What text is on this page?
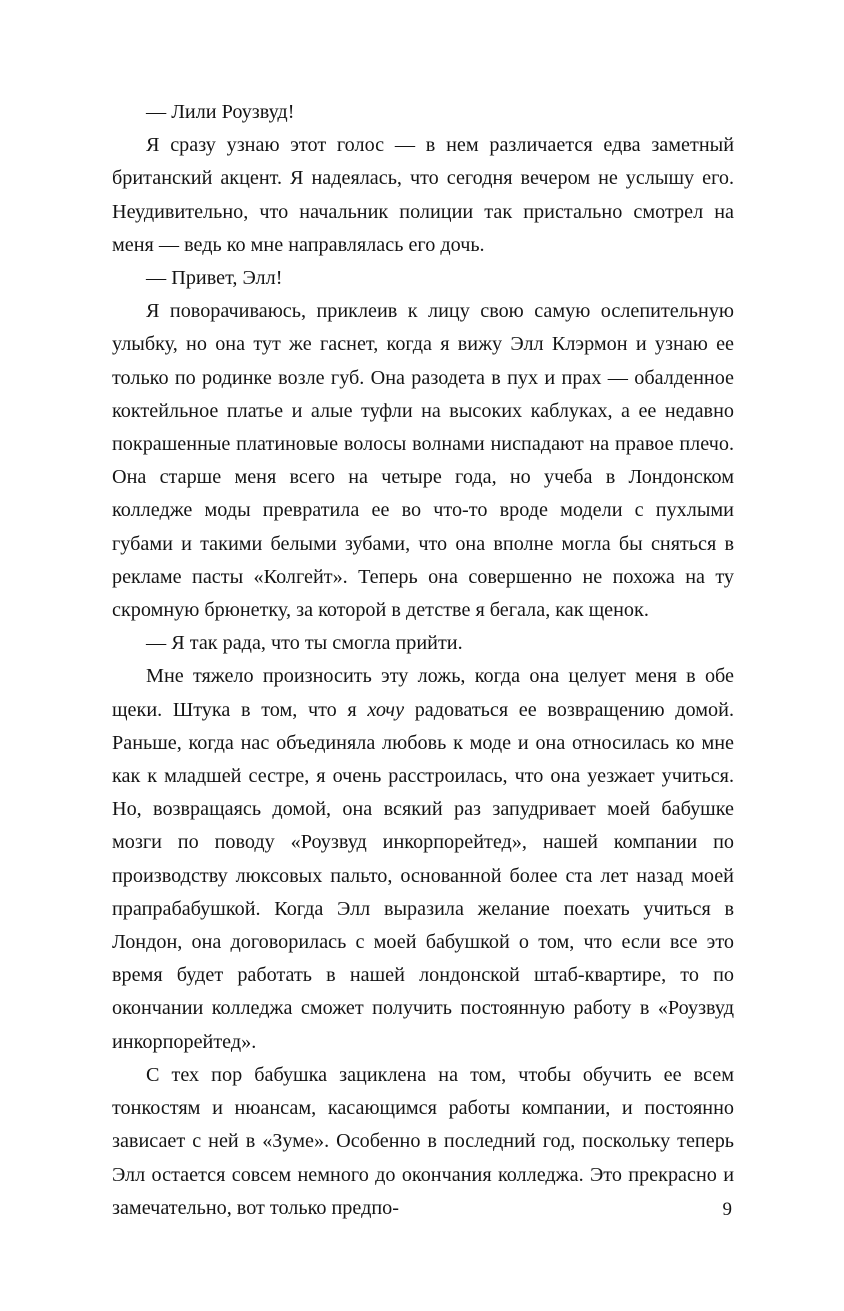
— Лили Роузвуд!

Я сразу узнаю этот голос — в нем различается едва заметный британский акцент. Я надеялась, что сегодня вечером не услышу его. Неудивительно, что начальник полиции так пристально смотрел на меня — ведь ко мне направлялась его дочь.

— Привет, Элл!

Я поворачиваюсь, приклеив к лицу свою самую ослепительную улыбку, но она тут же гаснет, когда я вижу Элл Клэрмон и узнаю ее только по родинке возле губ. Она разодета в пух и прах — обалденное коктейльное платье и алые туфли на высоких каблуках, а ее недавно покрашенные платиновые волосы волнами ниспадают на правое плечо. Она старше меня всего на четыре года, но учеба в Лондонском колледже моды превратила ее во что-то вроде модели с пухлыми губами и такими белыми зубами, что она вполне могла бы сняться в рекламе пасты «Колгейт». Теперь она совершенно не похожа на ту скромную брюнетку, за которой в детстве я бегала, как щенок.

— Я так рада, что ты смогла прийти.

Мне тяжело произносить эту ложь, когда она целует меня в обе щеки. Штука в том, что я хочу радоваться ее возвращению домой. Раньше, когда нас объединяла любовь к моде и она относилась ко мне как к младшей сестре, я очень расстроилась, что она уезжает учиться. Но, возвращаясь домой, она всякий раз запудривает моей бабушке мозги по поводу «Роузвуд инкорпорейтед», нашей компании по производству люксовых пальто, основанной более ста лет назад моей прапрабабушкой. Когда Элл выразила желание поехать учиться в Лондон, она договорилась с моей бабушкой о том, что если все это время будет работать в нашей лондонской штаб-квартире, то по окончании колледжа сможет получить постоянную работу в «Роузвуд инкорпорейтед».

С тех пор бабушка зациклена на том, чтобы обучить ее всем тонкостям и нюансам, касающимся работы компании, и постоянно зависает с ней в «Зуме». Особенно в последний год, поскольку теперь Элл остается совсем немного до окончания колледжа. Это прекрасно и замечательно, вот только предпо-	9
